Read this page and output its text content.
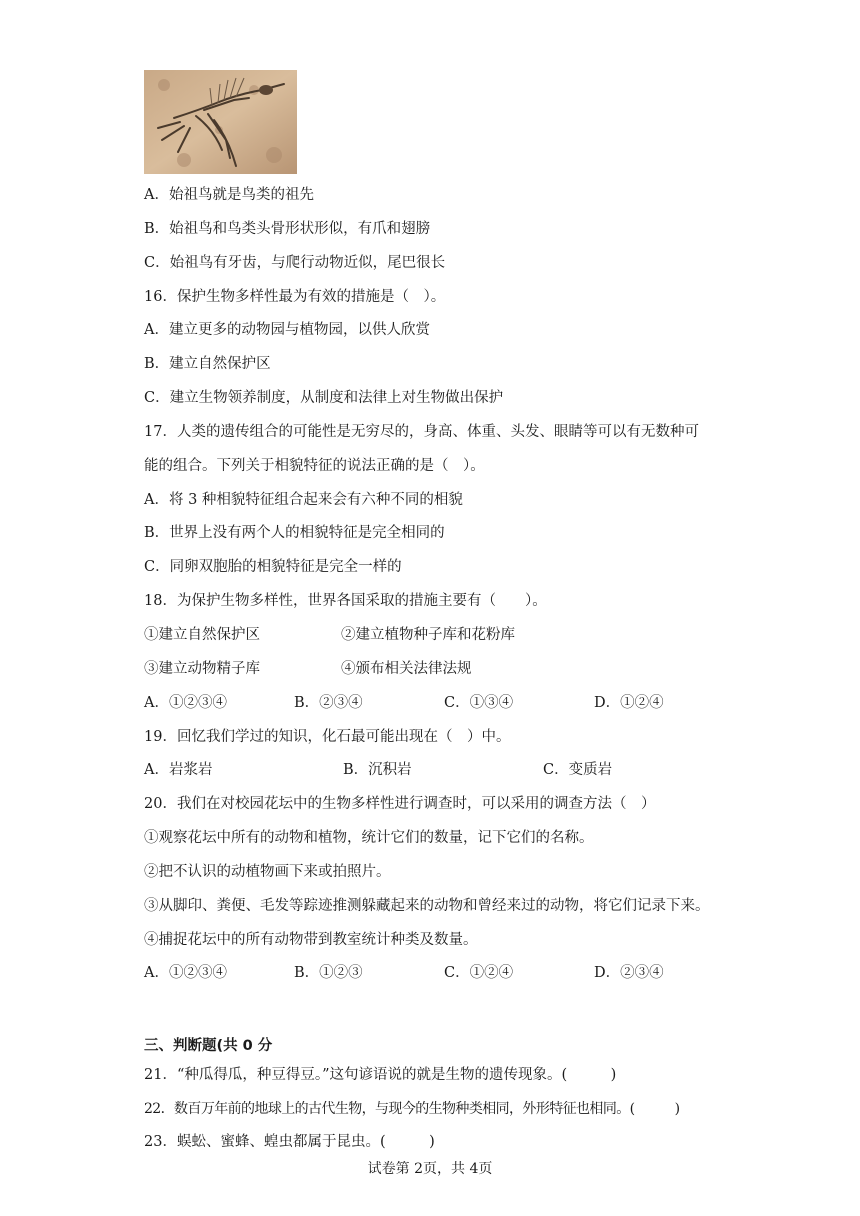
A．始祖鸟就是鸟类的祖先
B．始祖鸟和鸟类头骨形状形似，有爪和翅膀
C．始祖鸟有牙齿，与爬行动物近似，尾巴很长
16．保护生物多样性最为有效的措施是（　）。
A．建立更多的动物园与植物园，以供人欣赏
B．建立自然保护区
C．建立生物领养制度，从制度和法律上对生物做出保护
17．人类的遗传组合的可能性是无穷尽的，身高、体重、头发、眼睛等可以有无数种可
能的组合。下列关于相貌特征的说法正确的是（　）。
A．将 3 种相貌特征组合起来会有六种不同的相貌
B．世界上没有两个人的相貌特征是完全相同的
C．同卵双胞胎的相貌特征是完全一样的
18．为保护生物多样性，世界各国采取的措施主要有（　　）。
①建立自然保护区	②建立植物种子库和花粉库
③建立动物精子库	④颁布相关法律法规
A．①②③④	B．②③④	C．①③④	D．①②④
19．回忆我们学过的知识，化石最可能出现在（　）中。
A．岩浆岩	B．沉积岩	C．变质岩
20．我们在对校园花坛中的生物多样性进行调查时，可以采用的调查方法（　）
①观察花坛中所有的动物和植物，统计它们的数量，记下它们的名称。
②把不认识的动植物画下来或拍照片。
③从脚印、粪便、毛发等踪迹推测躲藏起来的动物和曾经来过的动物，将它们记录下来。
④捕捉花坛中的所有动物带到教室统计种类及数量。
A．①②③④	B．①②③	C．①②④	D．②③④
三、判断题(共 0 分
21．“种瓜得瓜，种豆得豆。”这句谚语说的就是生物的遗传现象。(　　　)
22．数百万年前的地球上的古代生物，与现今的生物种类相同，外形特征也相同。(　　　)
23．蜈蚣、蜜蜂、蝗虫都属于昆虫。(　　　)
试卷第 2页，共 4页
